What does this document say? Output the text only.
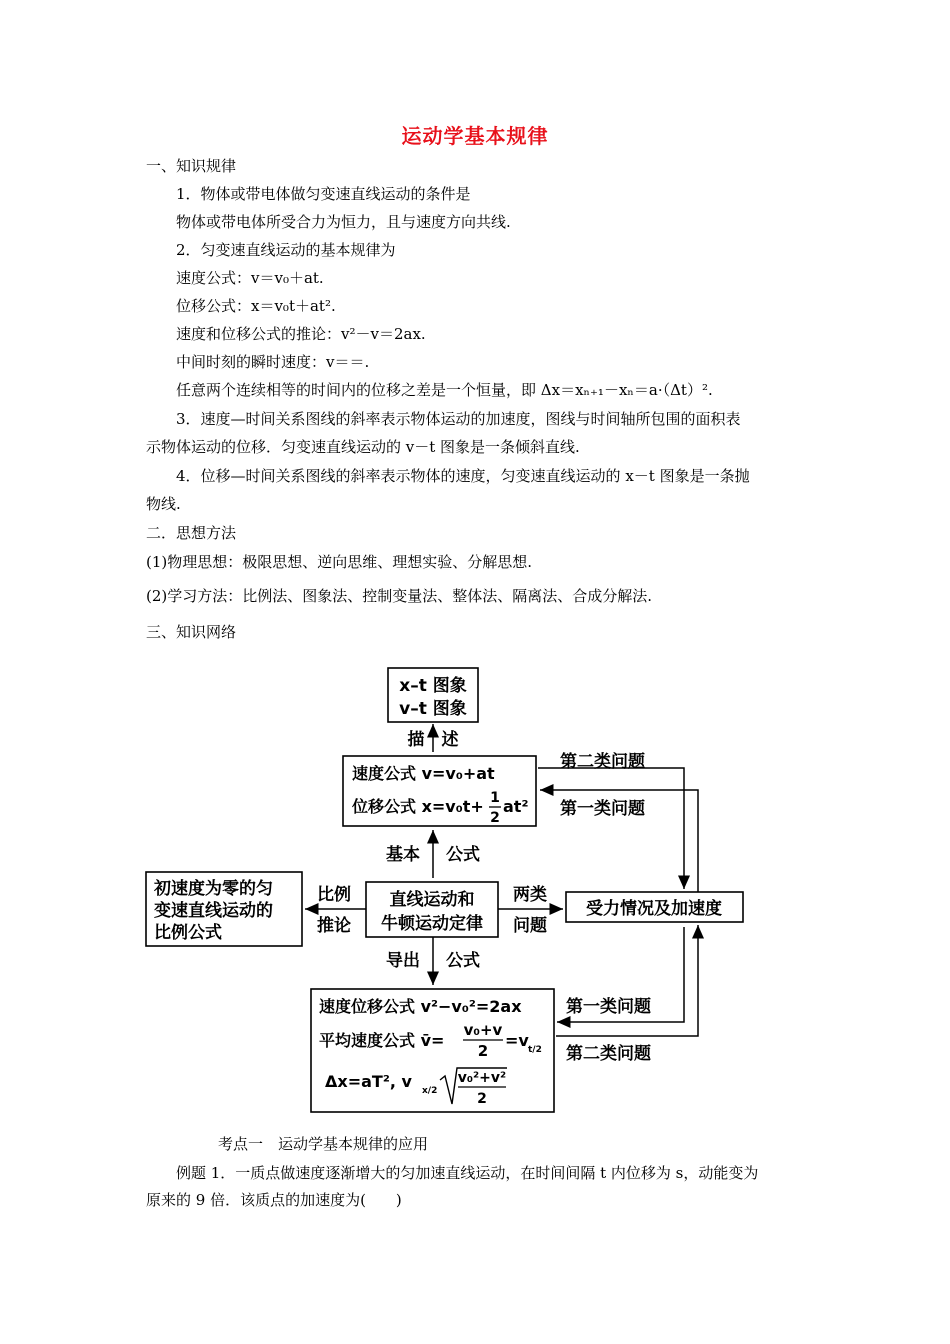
运动学基本规律
一、知识规律
1．物体或带电体做匀变速直线运动的条件是
物体或带电体所受合力为恒力，且与速度方向共线.
2．匀变速直线运动的基本规律为
速度公式：v＝v₀＋at.
位移公式：x＝v₀t＋at².
速度和位移公式的推论：v²－v＝2ax.
中间时刻的瞬时速度：v＝＝.
任意两个连续相等的时间内的位移之差是一个恒量，即 Δx＝xₙ₊₁－xₙ＝a·（Δt）².
3．速度—时间关系图线的斜率表示物体运动的加速度，图线与时间轴所包围的面积表
示物体运动的位移．匀变速直线运动的 v－t 图象是一条倾斜直线.
4．位移—时间关系图线的斜率表示物体的速度，匀变速直线运动的 x－t 图象是一条抛
物线.
二．思想方法
(1)物理思想：极限思想、逆向思维、理想实验、分解思想.
(2)学习方法：比例法、图象法、控制变量法、整体法、隔离法、合成分解法.
三、知识网络
x–t 图象
v–t 图象
描　述
速度公式 v=v₀+at
位移公式 x=v₀t+ 1
2
at²
基本 公式
直线运动和
牛顿运动定律
初速度为零的匀
变速直线运动的
比例公式
比例
推论
两类
问题
受力情况及加速度
第二类问题
第一类问题
导出 公式
速度位移公式 v²−v₀²=2ax
平均速度公式 v̄=
v₀+v
2
=v t/2
Δx=aT², v x/2
v₀²+v²
2
第一类问题
第二类问题
考点一　运动学基本规律的应用
例题 1．一质点做速度逐渐增大的匀加速直线运动，在时间间隔 t 内位移为 s，动能变为
原来的 9 倍．该质点的加速度为(　　)
